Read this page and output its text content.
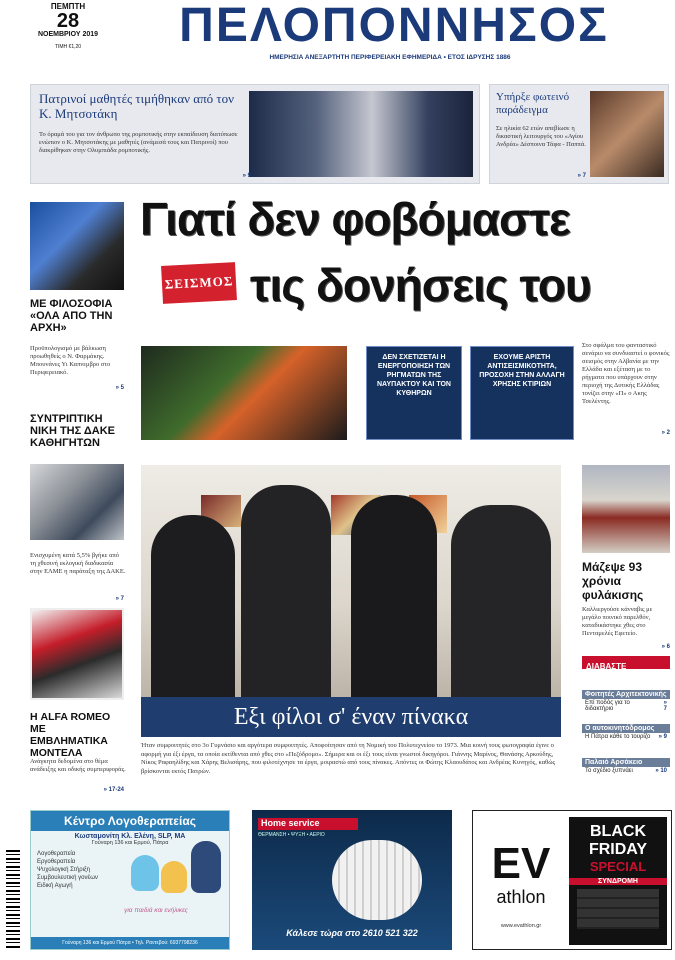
ΠΕΜΠΤΗ
28
ΝΟΕΜΒΡΙΟΥ 2019
ΤΙΜΗ €1,20	ΠΕΛΟΠΟΝΝΗΣΟΣ
ΗΜΕΡΗΣΙΑ ΑΝΕΞΑΡΤΗΤΗ ΠΕΡΙΦΕΡΕΙΑΚΗ ΕΦΗΜΕΡΙΔΑ • ΕΤΟΣ ΙΔΡΥΣΗΣ 1886
Πατρινοί μαθητές τιμήθηκαν από τον Κ. Μητσοτάκη
Το όραμά του για τον άνθρωπο της ρομποτικής στην εκπαίδευση διατύπωσε ενώπιον ο Κ. Μητσοτάκης με μαθητές (ανάμεσά τους και Πατρινοί) που διακρίθηκαν στην Ολυμπιάδα ρομποτικής.
» 9
Υπήρξε φωτεινό παράδειγμα
Σε ηλικία 62 ετών απεβίωσε η δικαστική λειτουργός του «Αγίου Ανδρέα» Δέσποινα Τάφα - Παππά.
» 7
ΜΕ ΦΙΛΟΣΟΦΙΑ «ΟΛΑ ΑΠΟ ΤΗΝ ΑΡΧΗ»
Προϋπολογισμό με βάλκωση προωθηθείς ο Ν. Φαρμάκης. Μπουνάνες Υι Καπνεμβρο στο Περιφερειακό.
» 5
ΣΥΝΤΡΙΠΤΙΚΗ ΝΙΚΗ ΤΗΣ ΔΑΚΕ ΚΑΘΗΓΗΤΩΝ
Ενισχυμένη κατά 5,5% βγήκε από τη χθεσινή εκλογική διαδικασία στην ΕΛΜΕ η παράταξη της ΔΑΚΕ.
» 7
Η ALFA ROMEO ΜΕ ΕΜΒΛΗΜΑΤΙΚΑ ΜΟΝΤΕΛΑ
Ανάγκητα δεδομένα στο θέμα ανάδειξης και οδικής συμπεριφοράς.
» 17-24
Γιατί δεν φοβόμαστε
ΣΕΙΣΜΟΣ τις δονήσεις του
ΔΕΝ ΣΧΕΤΙΖΕΤΑΙ Η ΕΝΕΡΓΟΠΟΙΗΣΗ ΤΩΝ ΡΗΓΜΑΤΩΝ ΤΗΣ ΝΑΥΠΑΚΤΟΥ ΚΑΙ ΤΟΝ ΚΥΘΗΡΩΝ
ΕΧΟΥΜΕ ΑΡΙΣΤΗ ΑΝΤΙΣΕΙΣΜΙΚΟΤΗΤΑ, ΠΡΟΣΟΧΗ ΣΤΗΝ ΑΛΛΑΓΗ ΧΡΗΣΗΣ ΚΤΙΡΙΩΝ
Στο σφάλμα του φανταστικό σενάριο να συνδυαστεί ο φονικός σεισμός στην Αλβανία με την Ελλάδα και εξέταση με το ρήγματα που υπάρχουν στην περιοχή της Δυτικής Ελλάδας τονίζει στην «Π» ο Ακης Τσελέντης.
» 2
Εξι φίλοι σ' έναν πίνακα
Ήταν συμφοιτητές στο 3ο Γυμνάσιο και αργότερα συμφοιτητές. Αποφοίτησαν από τη Νομική του Πολυτεχνείου το 1973. Μια κοινή τους φωτογραφία έγινε ο αφορμή για έξι έργα, τα οποία εκτίθενται από χθες στο «Πεζόδρομο». Σήμερα και οι έξι τους είναι γνωστοί δικηγόροι. Γιάννης Μαρίνος, Θανάσης Αρκούδης, Νίκος Ραφαηλίδης και Χάρης Βελισάρης, που φιλοτέχνησε τα έργα, μοιραστώ από τους πίνακες. Απόντες οι Φώτης Κλαουδάτος και Ανδρέας Κυνηγός, καθώς βρίσκονται εκτός Πατρών.
Μάζεψε 93 χρόνια φυλάκισης
Καλλιεργούσε κάνναβις με μεγάλο ποινικό παρελθόν, καταδικάστηκε χθες στο Πενταμελές Εφετείο.
» 6
ΔΙΑΒΑΣΤΕ
Φοιτητές Αρχιτεκτονικής
Επί ποδός για το διδακτήριο
» 7
Ο αυτοκινητόδρομος
Η Πάτρα κάθε το τουρίζο » 9
Παλαιό Αρσάκειο
Το σχέδιο ξυπνάει	» 10
Κέντρο Λογοθεραπείας
Κωσταμονίτη Κλ. Ελένη, SLP, MA
Γούναρη 136 και Ερμού, Πάτρα
Λογοθεραπεία
Εργοθεραπεία
Ψυχολογική Στήριξη
Συμβουλευτική γονέων
Ειδική Αγωγή
για παιδιά και ενήλικες
Γούναρη 136 και Ερμού Πάτρα • Τηλ. Ραντεβού: 6937798236
Home service
ΘΕΡΜΑΝΣΗ • ΨΥΞΗ • ΑΕΡΙΟ
Κάλεσε τώρα στο 2610 521 322
EV
athlon
www.evathlon.gr
BLACK
FRIDAY
SPECIAL
ΣΥΝΔΡΟΜΗ
